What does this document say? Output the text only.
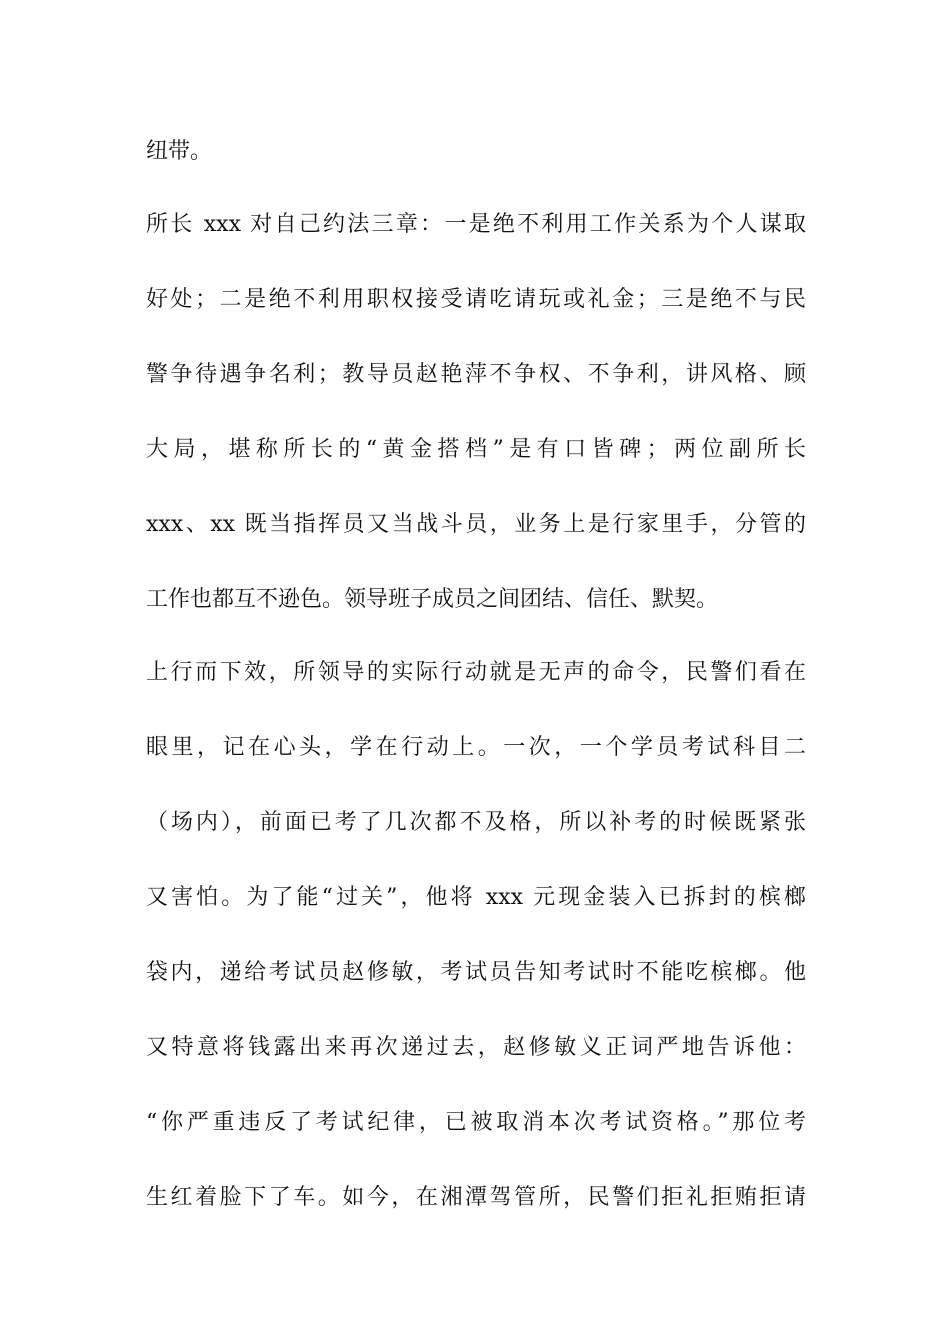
纽带。
所长 xxx 对自己约法三章：一是绝不利用工作关系为个人谋取
好处；二是绝不利用职权接受请吃请玩或礼金；三是绝不与民
警争待遇争名利；教导员赵艳萍不争权、不争利，讲风格、顾
大局，堪称所长的“黄金搭档”是有口皆碑；两位副所长
xxx、xx 既当指挥员又当战斗员，业务上是行家里手，分管的
工作也都互不逊色。领导班子成员之间团结、信任、默契。
上行而下效，所领导的实际行动就是无声的命令，民警们看在
眼里，记在心头，学在行动上。一次，一个学员考试科目二
（场内），前面已考了几次都不及格，所以补考的时候既紧张
又害怕。为了能“过关”，他将 xxx 元现金装入已拆封的槟榔
袋内，递给考试员赵修敏，考试员告知考试时不能吃槟榔。他
又特意将钱露出来再次递过去，赵修敏义正词严地告诉他：
“你严重违反了考试纪律，已被取消本次考试资格。”那位考
生红着脸下了车。如今，在湘潭驾管所，民警们拒礼拒贿拒请
